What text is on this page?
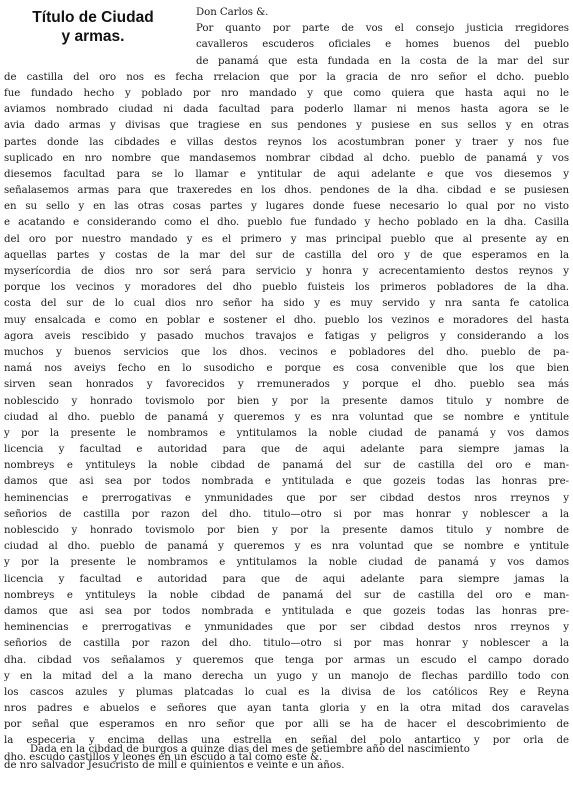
Título de Ciudad
y armas.
Don Carlos &.
Por quanto por parte de vos el consejo justicia rregidores
cavalleros escuderos oficiales e homes buenos del pueblo
de panamá que esta fundada en la costa de la mar del sur
de castilla del oro nos es fecha rrelacion que por la gracia de nro señor el dcho. pueblo
fue fundado hecho y poblado por nro mandado y que como quiera que hasta aqui no le
aviamos nombrado ciudad ni dada facultad para poderlo llamar ni menos hasta agora se le
avia dado armas y divisas que tragiese en sus pendones y pusiese en sus sellos y en otras
partes donde las cibdades e villas destos reynos los acostumbran poner y traer y nos fue
suplicado en nro nombre que mandasemos nombrar cibdad al dcho. pueblo de panamá y vos
diesemos facultad para se lo llamar e yntitular de aqui adelante e que vos diesemos y
señalasemos armas para que traxeredes en los dhos. pendones de la dha. cibdad e se pusiesen
en su sello y en las otras cosas partes y lugares donde fuese necesario lo qual por no visto
e acatando e considerando como el dho. pueblo fue fundado y hecho poblado en la dha. Casilla
del oro por nuestro mandado y es el primero y mas principal pueblo que al presente ay en
aquellas partes y costas de la mar del sur de castilla del oro y de que esperamos en la
myserícordia de dios nro sor será para servicio y honra y acrecentamiento destos reynos y
porque los vecinos y moradores del dho pueblo fuisteis los primeros pobladores de la dha.
costa del sur de lo cual dios nro señor ha sido y es muy servido y nra santa fe catolica
muy ensalcada e como en poblar e sostener el dho. pueblo los vezinos e moradores del hasta
agora aveis rescibido y pasado muchos travajos e fatigas y peligros y considerando a los
muchos y buenos servicios que los dhos. vecinos e pobladores del dho. pueblo de pa-
namá nos aveiys fecho en lo susodicho e porque es cosa convenible que los que bien
sirven sean honrados y favorecidos y rremunerados y porque el dho. pueblo sea más
noblescido y honrado tovismolo por bien y por la presente damos titulo y nombre de
ciudad al dho. pueblo de panamá y queremos y es nra voluntad que se nombre e yntitule
y por la presente le nombramos e yntitulamos la noble ciudad de panamá y vos damos
licencia y facultad e autoridad para que de aqui adelante para siempre jamas la
nombreys e yntituleys la noble cibdad de panamá del sur de castilla del oro e man-
damos que asi sea por todos nombrada e yntitulada e que gozeis todas las honras pre-
heminencias e prerrogativas e ynmunidades que por ser cibdad destos nros rreynos y
señorios de castilla por razon del dho. titulo—otro si por mas honrar y noblescer a la
noblescido y honrado tovismolo por bien y por la presente damos titulo y nombre de
ciudad al dho. pueblo de panamá y queremos y es nra voluntad que se nombre e yntitule
y por la presente le nombramos e yntitulamos la noble ciudad de panamá y vos damos
licencia y facultad e autoridad para que de aqui adelante para siempre jamas la
nombreys e yntituleys la noble cibdad de panamá del sur de castilla del oro e man-
damos que asi sea por todos nombrada e yntitulada e que gozeis todas las honras pre-
heminencias e prerrogativas e ynmunidades que por ser cibdad destos nros rreynos y
señorios de castilla por razon del dho. titulo—otro si por mas honrar y noblescer a la
dha. cibdad vos señalamos y queremos que tenga por armas un escudo el campo dorado
y en la mitad del a la mano derecha un yugo y un manojo de flechas pardillo todo con
los cascos azules y plumas platcadas lo cual es la divisa de los católicos Rey e Reyna
nros padres e abuelos e señores que ayan tanta gloria y en la otra mitad dos caravelas
por señal que esperamos en nro señor que por alli se ha de hacer el descobrimiento de
la especeria y encima dellas una estrella en señal del polo antartico y por orla de
dho. escudo castillos y leones en un escudo a tal como este &.
Dada en la cibdad de burgos a quinze dias del mes de setiembre año del nascimiento
de nro salvador Jesucristo de mill e quinientos e veinte e un años.
